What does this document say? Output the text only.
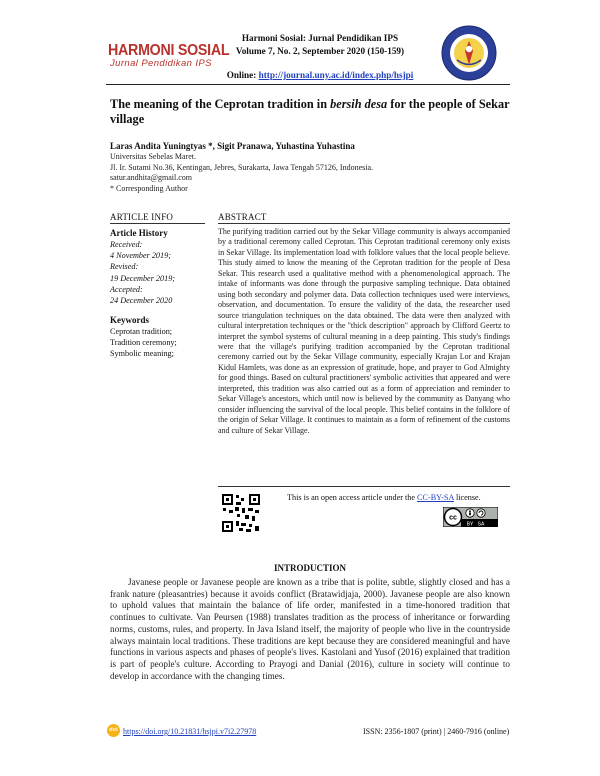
HARMONI SOSIAL
Jurnal Pendidikan IPS
Harmoni Sosial: Jurnal Pendidikan IPS
Volume 7, No. 2, September 2020 (150-159)
Online: http://journal.uny.ac.id/index.php/hsjpi
The meaning of the Ceprotan tradition in bersih desa for the people of Sekar village
Laras Andita Yuningtyas *, Sigit Pranawa, Yuhastina Yuhastina
Universitas Sebelas Maret.
Jl. Ir. Sutami No.36, Kentingan, Jebres, Surakarta, Jawa Tengah 57126, Indonesia.
satur.andhita@gmail.com
* Corresponding Author
ARTICLE INFO
Article History
Received:
4 November 2019;
Revised:
19 December 2019;
Accepted:
24 December 2020
Keywords
Ceprotan tradition;
Tradition ceremony;
Symbolic meaning;
ABSTRACT
The purifying tradition carried out by the Sekar Village community is always accompanied by a traditional ceremony called Ceprotan. This Ceprotan traditional ceremony only exists in Sekar Village. Its implementation load with folklore values that the local people believe. This study aimed to know the meaning of the Ceprotan tradition for the people of Desa Sekar. This research used a qualitative method with a phenomenological approach. The intake of informants was done through the purposive sampling technique. Data obtained using both secondary and polymer data. Data collection techniques used were interviews, observation, and documentation. To ensure the validity of the data, the researcher used source triangulation techniques on the data obtained. The data were then analyzed with cultural interpretation techniques or the "thick description" approach by Clifford Geertz to interpret the symbol systems of cultural meaning in a deep painting. This study's findings were that the village's purifying tradition accompanied by the Ceprotan traditional ceremony carried out by the Sekar Village community, especially Krajan Lor and Krajan Kidul Hamlets, was done as an expression of gratitude, hope, and prayer to God Almighty for good things. Based on cultural practitioners' symbolic activities that appeared and were interpreted, this tradition was also carried out as a form of appreciation and reminder to Sekar Village's ancestors, which until now is believed by the community as Danyang who consider influencing the survival of the local people. This belief contains in the folklore of the origin of Sekar Village. It continues to maintain as a form of refinement of the customs and culture of Sekar Village.
This is an open access article under the CC-BY-SA license.
cc
BY SA
INTRODUCTION
Javanese people or Javanese people are known as a tribe that is polite, subtle, slightly closed and has a frank nature (pleasantries) because it avoids conflict (Bratawidjaja, 2000). Javanese people are also known to uphold values that maintain the balance of life order, manifested in a time-honored tradition that continues to cultivate. Van Peursen (1988) translates tradition as the process of inheritance or forwarding norms, customs, rules, and property. In Java Island itself, the majority of people who live in the countryside always maintain local traditions. These traditions are kept because they are considered meaningful and have functions in various aspects and phases of people's lives. Kastolani and Yusof (2016) explained that tradition is part of people's culture. According to Prayogi and Danial (2016), culture in society will continue to develop in accordance with the changing times.
doi https://doi.org/10.21831/hsjpi.v7i2.27978	ISSN: 2356-1807 (print) | 2460-7916 (online)
